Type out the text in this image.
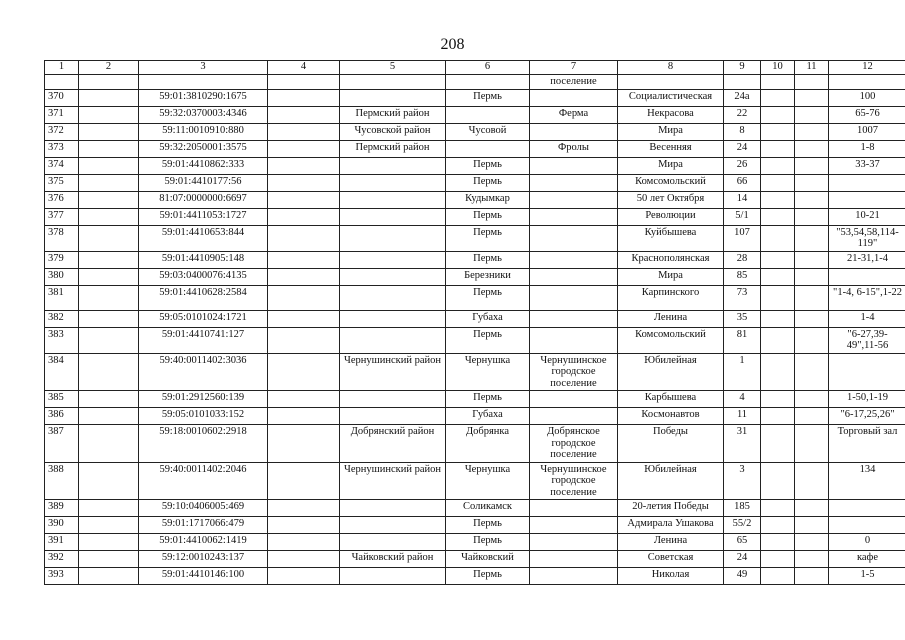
208
1	2	3	4	5	6	7	8	9	10	11	12
						поселение					
370		59:01:3810290:1675			Пермь		Социалистическая	24а			100
371		59:32:0370003:4346		Пермский район		Ферма	Некрасова	22			65-76
372		59:11:0010910:880		Чусовской район	Чусовой		Мира	8			1007
373		59:32:2050001:3575		Пермский район		Фролы	Весенняя	24			1-8
374		59:01:4410862:333			Пермь		Мира	26			33-37
375		59:01:4410177:56			Пермь		Комсомольский	66			
376		81:07:0000000:6697			Кудымкар		50 лет Октября	14			
377		59:01:4411053:1727			Пермь		Революции	5/1			10-21
378		59:01:4410653:844			Пермь		Куйбышева	107			"53,54,58,114-119"
379		59:01:4410905:148			Пермь		Краснополянская	28			21-31,1-4
380		59:03:0400076:4135			Березники		Мира	85			
381		59:01:4410628:2584			Пермь		Карпинского	73			"1-4, 6-15",1-22
382		59:05:0101024:1721			Губаха		Ленина	35			1-4
383		59:01:4410741:127			Пермь		Комсомольский	81			"6-27,39-49",11-56
384		59:40:0011402:3036		Чернушинский район	Чернушка	Чернушинское городское поселение	Юбилейная	1			
385		59:01:2912560:139			Пермь		Карбышева	4			1-50,1-19
386		59:05:0101033:152			Губаха		Космонавтов	11			"6-17,25,26"
387		59:18:0010602:2918		Добрянский район	Добрянка	Добрянское городское поселение	Победы	31			Торговый зал
388		59:40:0011402:2046		Чернушинский район	Чернушка	Чернушинское городское поселение	Юбилейная	3			134
389		59:10:0406005:469			Соликамск		20-летия Победы	185			
390		59:01:1717066:479			Пермь		Адмирала Ушакова	55/2			
391		59:01:4410062:1419			Пермь		Ленина	65			0
392		59:12:0010243:137		Чайковский район	Чайковский		Советская	24			кафе
393		59:01:4410146:100			Пермь		Николая	49			1-5
